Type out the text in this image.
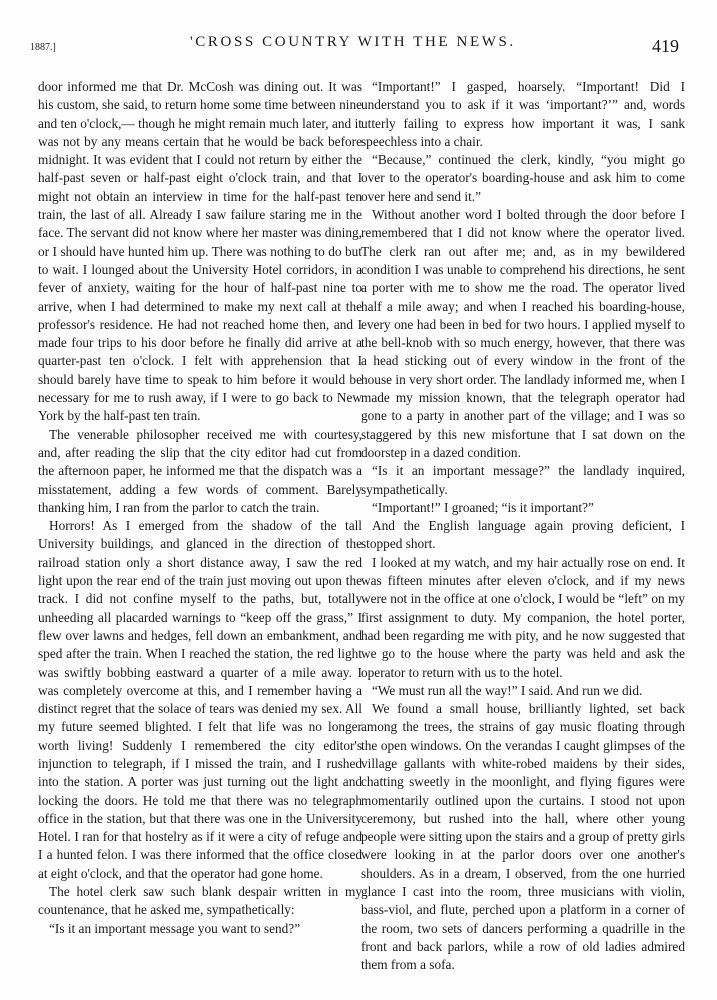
1887.]	'CROSS COUNTRY WITH THE NEWS.	419

door informed me that Dr. McCosh was dining out. It was his custom, she said, to return home some time between nine and ten o'clock,— though he might remain much later, and it was not by any means certain that he would be back before midnight. It was evident that I could not return by either the half-past seven or half-past eight o'clock train, and that I might not obtain an interview in time for the half-past ten train, the last of all. Already I saw failure staring me in the face. The servant did not know where her master was dining, or I should have hunted him up. There was nothing to do but to wait. I lounged about the University Hotel corridors, in a fever of anxiety, waiting for the hour of half-past nine to arrive, when I had determined to make my next call at the professor's residence. He had not reached home then, and I made four trips to his door before he finally did arrive at a quarter-past ten o'clock. I felt with apprehension that I should barely have time to speak to him before it would be necessary for me to rush away, if I were to go back to New York by the half-past ten train.

The venerable philosopher received me with courtesy, and, after reading the slip that the city editor had cut from the afternoon paper, he informed me that the dispatch was a misstatement, adding a few words of comment. Barely thanking him, I ran from the parlor to catch the train.

Horrors! As I emerged from the shadow of the tall University buildings, and glanced in the direction of the railroad station only a short distance away, I saw the red light upon the rear end of the train just moving out upon the track. I did not confine myself to the paths, but, totally unheeding all placarded warnings to “keep off the grass,” I flew over lawns and hedges, fell down an embankment, and sped after the train. When I reached the station, the red light was swiftly bobbing eastward a quarter of a mile away. I was completely overcome at this, and I remember having a distinct regret that the solace of tears was denied my sex. All my future seemed blighted. I felt that life was no longer worth living! Suddenly I remembered the city editor's injunction to telegraph, if I missed the train, and I rushed into the station. A porter was just turning out the light and locking the doors. He told me that there was no telegraph office in the station, but that there was one in the University Hotel. I ran for that hostelry as if it were a city of refuge and I a hunted felon. I was there informed that the office closed at eight o'clock, and that the operator had gone home.

The hotel clerk saw such blank despair written in my countenance, that he asked me, sympathetically:

“Is it an important message you want to send?”

“Important!” I gasped, hoarsely. “Important! Did I understand you to ask if it was ‘important?’” and, words utterly failing to express how important it was, I sank speechless into a chair.

“Because,” continued the clerk, kindly, “you might go over to the operator's boarding-house and ask him to come over here and send it.”

Without another word I bolted through the door before I remembered that I did not know where the operator lived. The clerk ran out after me; and, as in my bewildered condition I was unable to comprehend his directions, he sent a porter with me to show me the road. The operator lived half a mile away; and when I reached his boarding-house, every one had been in bed for two hours. I applied myself to the bell-knob with so much energy, however, that there was a head sticking out of every window in the front of the house in very short order. The landlady informed me, when I made my mission known, that the telegraph operator had gone to a party in another part of the village; and I was so staggered by this new misfortune that I sat down on the doorstep in a dazed condition.

“Is it an important message?” the landlady inquired, sympathetically.

“Important!” I groaned; “is it important?”

And the English language again proving deficient, I stopped short.

I looked at my watch, and my hair actually rose on end. It was fifteen minutes after eleven o'clock, and if my news were not in the office at one o'clock, I would be “left” on my first assignment to duty. My companion, the hotel porter, had been regarding me with pity, and he now suggested that we go to the house where the party was held and ask the operator to return with us to the hotel.

“We must run all the way!” I said. And run we did.

We found a small house, brilliantly lighted, set back among the trees, the strains of gay music floating through the open windows. On the verandas I caught glimpses of the village gallants with white-robed maidens by their sides, chatting sweetly in the moonlight, and flying figures were momentarily outlined upon the curtains. I stood not upon ceremony, but rushed into the hall, where other young people were sitting upon the stairs and a group of pretty girls were looking in at the parlor doors over one another's shoulders. As in a dream, I observed, from the one hurried glance I cast into the room, three musicians with violin, bass-viol, and flute, perched upon a platform in a corner of the room, two sets of dancers performing a quadrille in the front and back parlors, while a row of old ladies admired them from a sofa.
